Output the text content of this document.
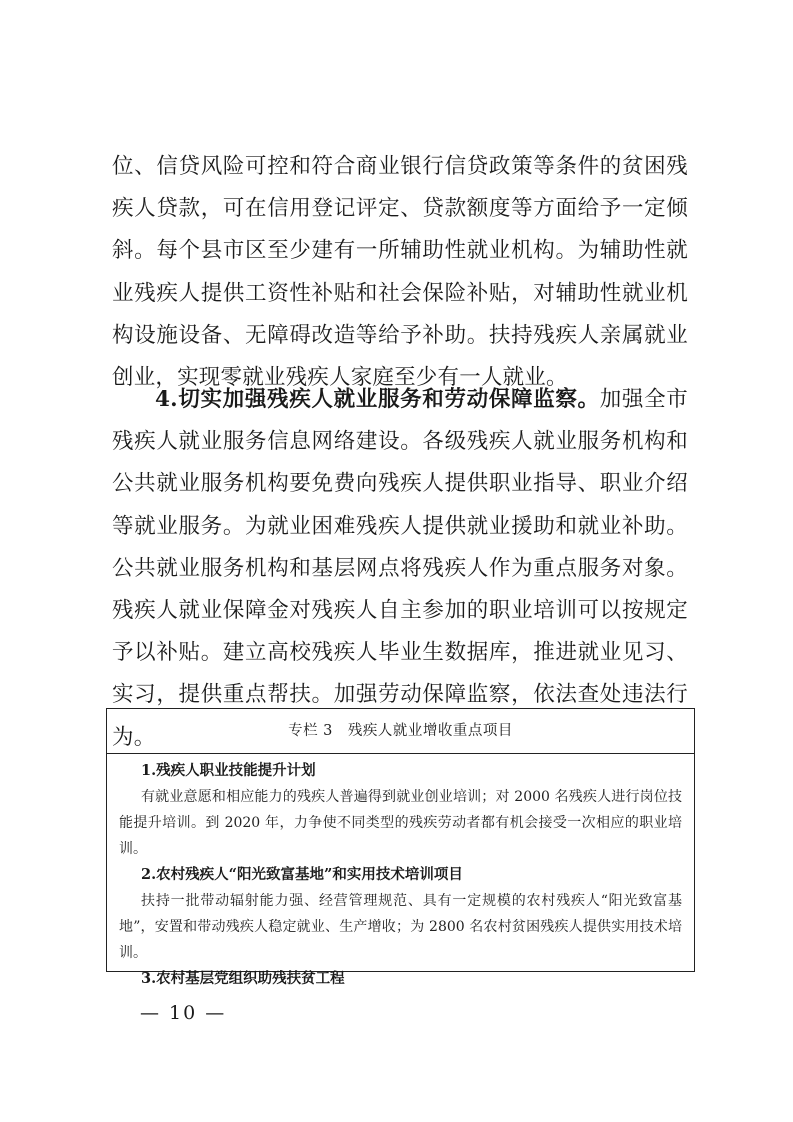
位、信贷风险可控和符合商业银行信贷政策等条件的贫困残疾人贷款，可在信用登记评定、贷款额度等方面给予一定倾斜。每个县市区至少建有一所辅助性就业机构。为辅助性就业残疾人提供工资性补贴和社会保险补贴，对辅助性就业机构设施设备、无障碍改造等给予补助。扶持残疾人亲属就业创业，实现零就业残疾人家庭至少有一人就业。
4.切实加强残疾人就业服务和劳动保障监察。加强全市残疾人就业服务信息网络建设。各级残疾人就业服务机构和公共就业服务机构要免费向残疾人提供职业指导、职业介绍等就业服务。为就业困难残疾人提供就业援助和就业补助。公共就业服务机构和基层网点将残疾人作为重点服务对象。残疾人就业保障金对残疾人自主参加的职业培训可以按规定予以补贴。建立高校残疾人毕业生数据库，推进就业见习、实习，提供重点帮扶。加强劳动保障监察，依法查处违法行为。	专栏 3　残疾人就业增收重点项目
1.残疾人职业技能提升计划
有就业意愿和相应能力的残疾人普遍得到就业创业培训；对 2000 名残疾人进行岗位技能提升培训。到 2020 年，力争使不同类型的残疾劳动者都有机会接受一次相应的职业培训。
2.农村残疾人“阳光致富基地”和实用技术培训项目
扶持一批带动辐射能力强、经营管理规范、具有一定规模的农村残疾人“阳光致富基地”，安置和带动残疾人稳定就业、生产增收；为 2800 名农村贫困残疾人提供实用技术培训。
3.农村基层党组织助残扶贫工程
— 10 —
